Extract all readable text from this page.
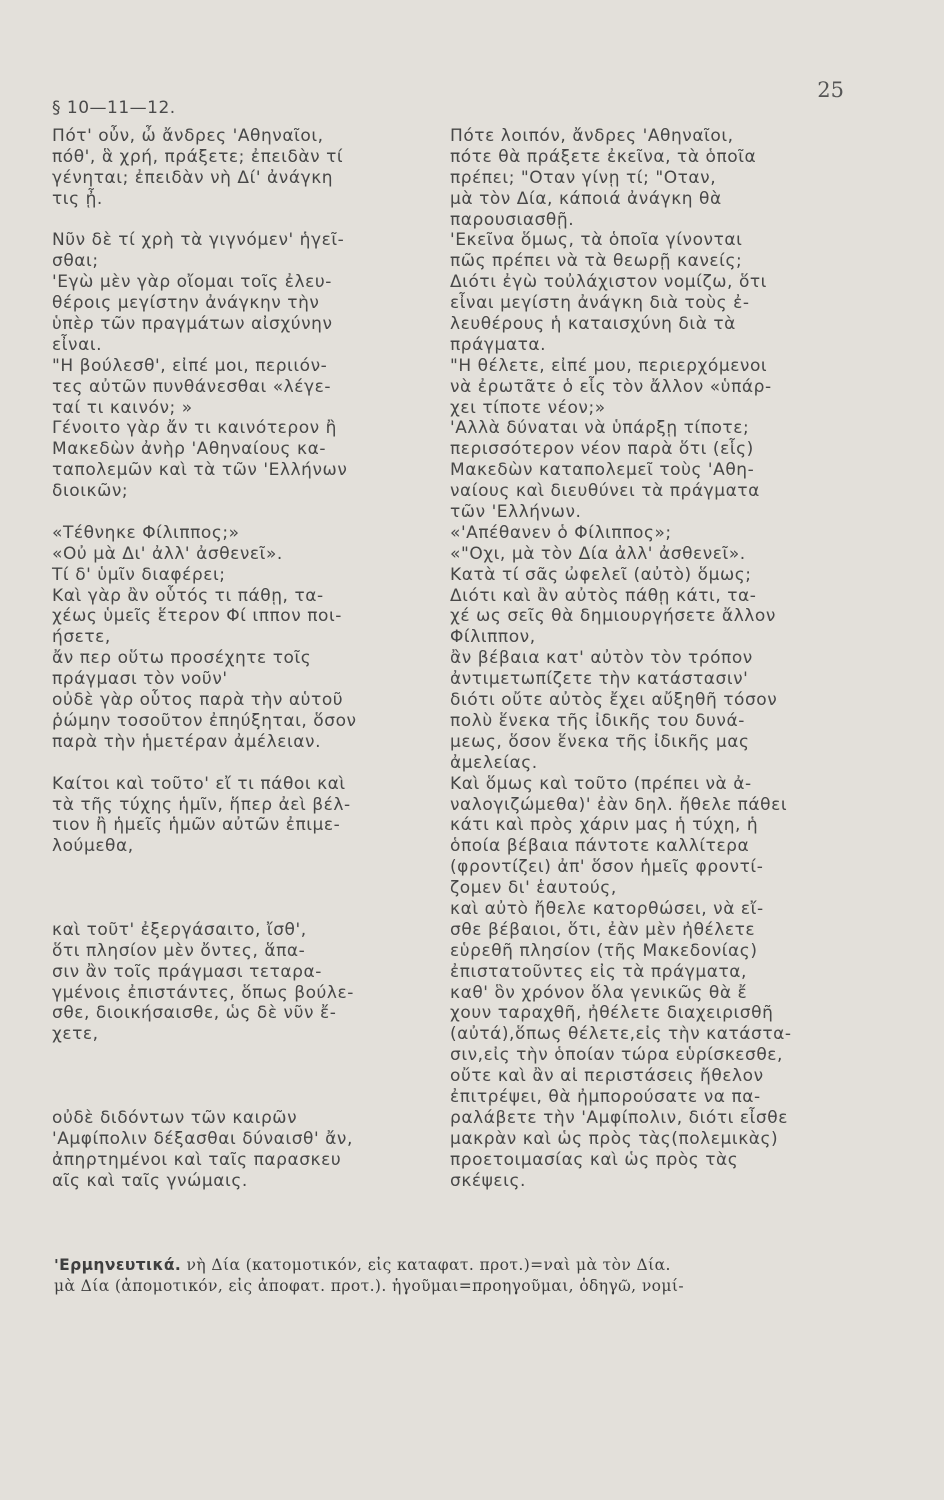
25
§ 10—11—12.
Πότ' οὖν, ὦ ἄνδρες 'Αθηναῖοι,
πόθ', ἃ χρή, πράξετε; ἐπειδὰν τί
γένηται; ἐπειδὰν νὴ Δί' ἀνάγκη
τις ᾖ.
Νῦν δὲ τί χρὴ τὰ γιγνόμεν' ἡγεῖ-
σθαι;
'Εγὼ μὲν γὰρ οἴομαι τοῖς ἐλευ-
θέροις μεγίστην ἀνάγκην τὴν
ὑπὲρ τῶν πραγμάτων αἰσχύνην
εἶναι.
"Η βούλεσθ', εἰπέ μοι, περιιόν-
τες αὐτῶν πυνθάνεσθαι «λέγε-
ταί τι καινόν; »
Γένοιτο γὰρ ἄν τι καινότερον ἢ
Μακεδὼν ἀνὴρ 'Αθηναίους κα-
ταπολεμῶν καὶ τὰ τῶν 'Ελλήνων
διοικῶν;
«Τέθνηκε Φίλιππος;»
«Οὐ μὰ Δι' ἀλλ' ἀσθενεῖ».
Τί δ' ὑμῖν διαφέρει;
Καὶ γὰρ ἂν οὗτός τι πάθῃ, τα-
χέως ὑμεῖς ἕτερον Φί ιππον ποι-
ήσετε,
ἄν περ οὕτω προσέχητε τοῖς
πράγμασι τὸν νοῦν'
οὐδὲ γὰρ οὗτος παρὰ τὴν αὑτοῦ
ῥώμην τοσοῦτον ἐπηύξηται, ὅσον
παρὰ τὴν ἡμετέραν ἀμέλειαν.
Καίτοι καὶ τοῦτο' εἴ τι πάθοι καὶ
τὰ τῆς τύχης ἡμῖν, ἥπερ ἀεὶ βέλ-
τιον ἢ ἡμεῖς ἡμῶν αὐτῶν ἐπιμε-
λούμεθα,
καὶ τοῦτ' ἐξεργάσαιτο, ἴσθ',
ὅτι πλησίον μὲν ὄντες, ἅπα-
σιν ἂν τοῖς πράγμασι τεταρα-
γμένοις ἐπιστάντες, ὅπως βούλε-
σθε, διοικήσαισθε, ὡς δὲ νῦν ἔ-
χετε,
οὐδὲ διδόντων τῶν καιρῶν
'Αμφίπολιν δέξασθαι δύναισθ' ἄν,
ἀπηρτημένοι καὶ ταῖς παρασκευ
αῖς καὶ ταῖς γνώμαις.
Πότε λοιπόν, ἄνδρες 'Αθηναῖοι,
πότε θὰ πράξετε ἐκεῖνα, τὰ ὁποῖα
πρέπει; "Οταν γίνῃ τί; "Οταν,
μὰ τὸν Δία, κάποιά ἀνάγκη θὰ
παρουσιασθῇ.
'Εκεῖνα ὅμως, τὰ ὁποῖα γίνονται
πῶς πρέπει νὰ τὰ θεωρῇ κανείς;
Διότι ἐγὼ τοὐλάχιστον νομίζω, ὅτι
εἶναι μεγίστη ἀνάγκη διὰ τοὺς ἐ-
λευθέρους ἡ καταισχύνη διὰ τὰ
πράγματα.
"Η θέλετε, εἰπέ μου, περιερχόμενοι
νὰ ἐρωτᾶτε ὁ εἷς τὸν ἄλλον «ὑπάρ-
χει τίποτε νέον;»
'Αλλὰ δύναται νὰ ὑπάρξῃ τίποτε;
περισσότερον νέον παρὰ ὅτι (εἷς)
Μακεδὼν καταπολεμεῖ τοὺς 'Αθη-
ναίους καὶ διευθύνει τὰ πράγματα
τῶν 'Ελλήνων.
«'Απέθανεν ὁ Φίλιππος»;
«"Οχι, μὰ τὸν Δία ἀλλ' ἀσθενεῖ».
Κατὰ τί σᾶς ὠφελεῖ (αὐτὸ) ὅμως;
Διότι καὶ ἂν αὐτὸς πάθῃ κάτι, τα-
χέ ως σεῖς θὰ δημιουργήσετε ἄλλον
Φίλιππον,
ἂν βέβαια κατ' αὐτὸν τὸν τρόπον
ἀντιμετωπίζετε τὴν κατάστασιν'
διότι οὔτε αὐτὸς ἔχει αὔξηθῆ τόσον
πολὺ ἕνεκα τῆς ἰδικῆς του δυνά-
μεως, ὅσον ἕνεκα τῆς ἰδικῆς μας
ἀμελείας.
Καὶ ὅμως καὶ τοῦτο (πρέπει νὰ ἀ-
ναλογιζώμεθα)' ἐὰν δηλ. ἤθελε πάθει
κάτι καὶ πρὸς χάριν μας ἡ τύχη, ἡ
ὁποία βέβαια πάντοτε καλλίτερα
(φροντίζει) ἀπ' ὅσον ἡμεῖς φροντί-
ζομεν δι' ἑαυτούς,
καὶ αὐτὸ ἤθελε κατορθώσει, νὰ εἴ-
σθε βέβαιοι, ὅτι, ἐὰν μὲν ἠθέλετε
εὑρεθῆ πλησίον (τῆς Μακεδονίας)
ἐπιστατοῦντες εἰς τὰ πράγματα,
καθ' ὃν χρόνον ὅλα γενικῶς θὰ ἔ
χουν ταραχθῆ, ἠθέλετε διαχειρισθῆ
(αὐτά),ὅπως θέλετε,εἰς τὴν κατάστα-
σιν,εἰς τὴν ὁποίαν τώρα εὑρίσκεσθε,
οὔτε καὶ ἂν αἱ περιστάσεις ἤθελον
ἐπιτρέψει, θὰ ἠμπορούσατε να πα-
ραλάβετε τὴν 'Αμφίπολιν, διότι εἶσθε
μακρὰν καὶ ὡς πρὸς τὰς(πολεμικὰς)
προετοιμασίας καὶ ὡς πρὸς τὰς
σκέψεις.
'Ερμηνευτικά. νὴ Δία (κατομοτικόν, εἰς καταφατ. προτ.)=ναὶ μὰ τὸν Δία.
μὰ Δία (ἀπομοτικόν, εἰς ἀποφατ. προτ.). ἡγοῦμαι=προηγοῦμαι, ὁδηγῶ, νομί-
